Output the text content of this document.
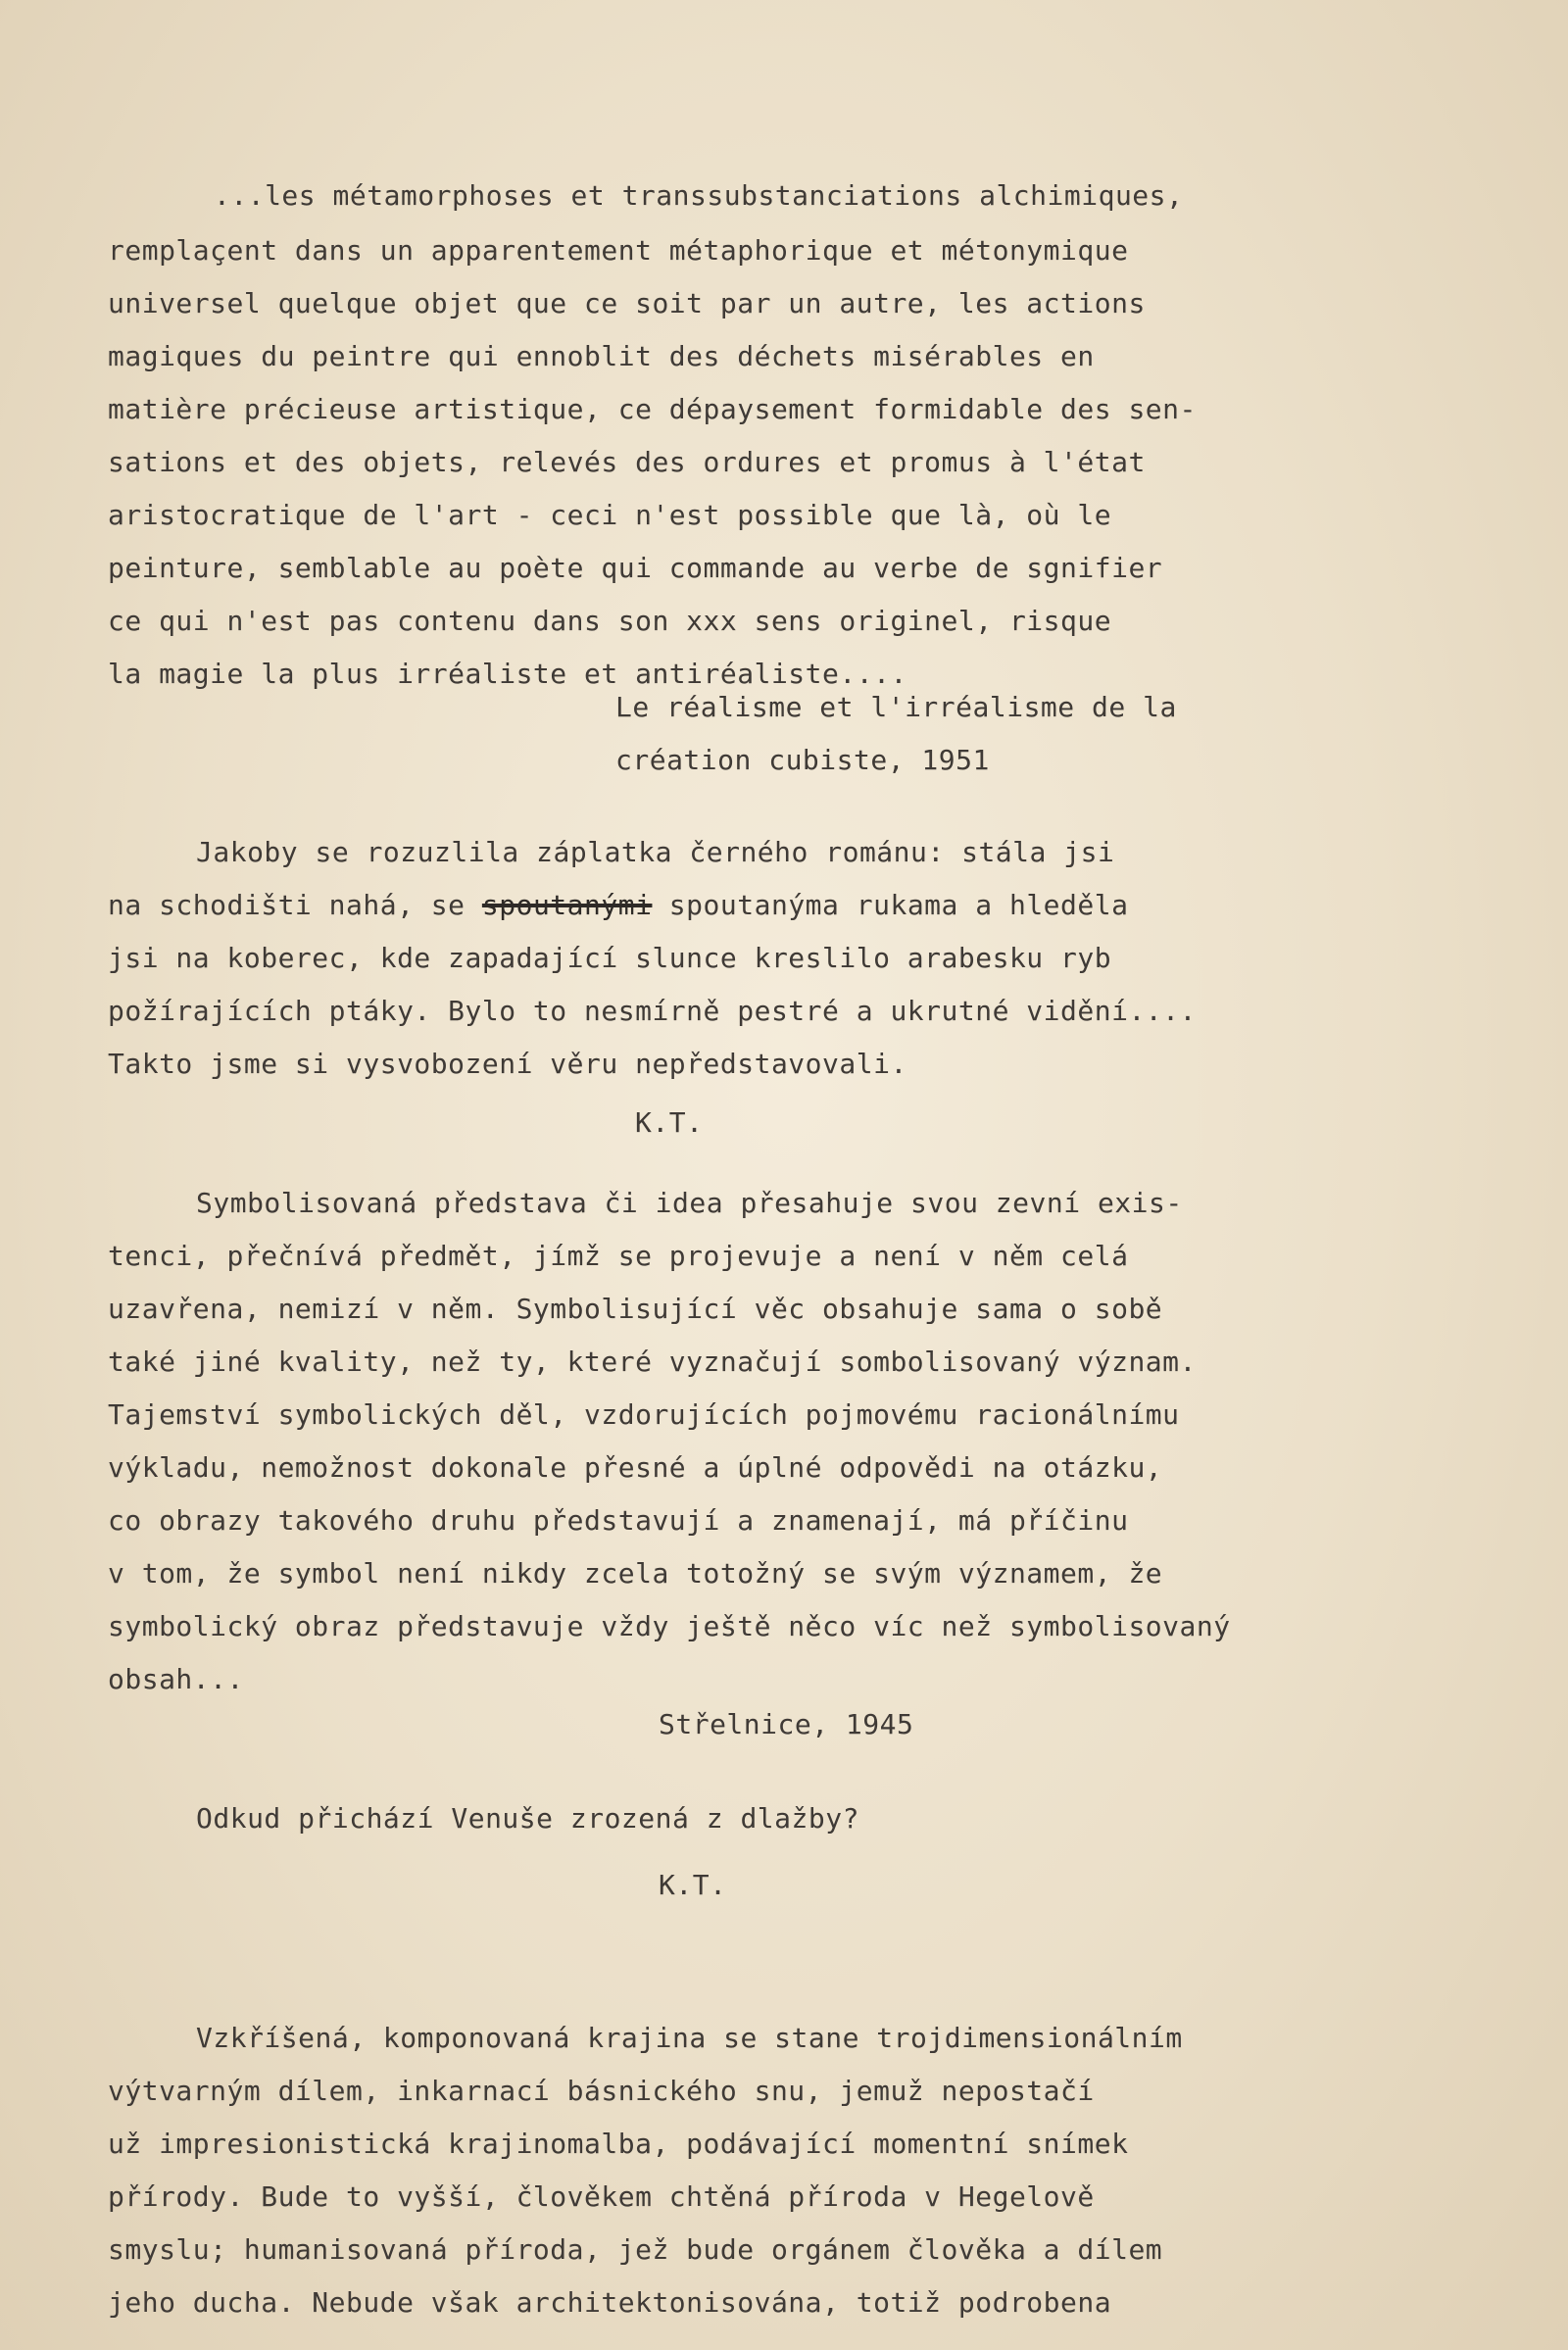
...les métamorphoses et transsubstanciations alchimiques,
remplaçent dans un apparentement métaphorique et métonymique
universel quelque objet que ce soit par un autre, les actions
magiques du peintre qui ennoblit des déchets misérables en
matière précieuse artistique, ce dépaysement formidable des sen-
sations et des objets, relevés des ordures et promus à l'état
aristocratique de l'art - ceci n'est possible que là, où le
peinture, semblable au poète qui commande au verbe de sgnifier
ce qui n'est pas contenu dans son xxx sens originel, risque
la magie la plus irréaliste et antiréaliste....
Le réalisme et l'irréalisme de la
création cubiste, 1951
Jakoby se rozuzlila záplatka černého románu: stála jsi
na schodišti nahá, se spoutanými spoutanýma rukama a hleděla
jsi na koberec, kde zapadající slunce kreslilo arabesku ryb
požírajících ptáky. Bylo to nesmírně pestré a ukrutné vidění....
Takto jsme si vysvobození věru nepředstavovali.
K.T.
Symbolisovaná představa či idea přesahuje svou zevní exis-
tenci, přečnívá předmět, jímž se projevuje a není v něm celá
uzavřena, nemizí v něm. Symbolisující věc obsahuje sama o sobě
také jiné kvality, než ty, které vyznačují sombolisovaný význam.
Tajemství symbolických děl, vzdorujících pojmovému racionálnímu
výkladu, nemožnost dokonale přesné a úplné odpovědi na otázku,
co obrazy takového druhu představují a znamenají, má příčinu
v tom, že symbol není nikdy zcela totožný se svým významem, že
symbolický obraz představuje vždy ještě něco víc než symbolisovaný
obsah...
Střelnice, 1945
Odkud přichází Venuše zrozená z dlažby?
K.T.
Vzkříšená, komponovaná krajina se stane trojdimensionálním
výtvarným dílem, inkarnací básnického snu, jemuž nepostačí
už impresionistická krajinomalba, podávající momentní snímek
přírody. Bude to vyšší, člověkem chtěná příroda v Hegelově
smyslu; humanisovaná příroda, jež bude orgánem člověka a dílem
jeho ducha. Nebude však architektonisována, totiž podrobena
